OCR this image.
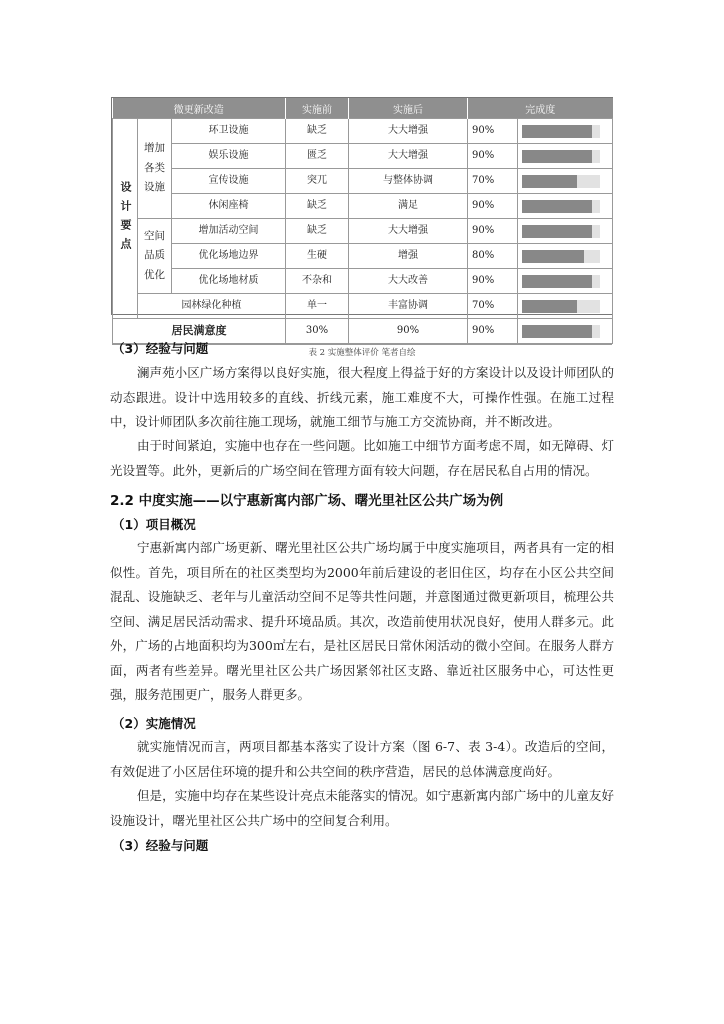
微更新改造			实施前	实施后	完成度	
设计要点	增加各类设施	环卫设施	缺乏	大大增强	90%	

		娱乐设施	匮乏	大大增强	90%	

		宣传设施	突兀	与整体协调	70%	

		休闲座椅	缺乏	满足	90%	

	空间品质优化	增加活动空间	缺乏	大大增强	90%	

		优化场地边界	生硬	增强	80%	

		优化场地材质	不杂和	大大改善	90%	

	园林绿化种植		单一	丰富协调	70%	

居民满意度			30%	90%	90%	
表 2 实施整体评价 笔者自绘
（3）经验与问题

澜声苑小区广场方案得以良好实施，很大程度上得益于好的方案设计以及设计师团队的动态跟进。设计中选用较多的直线、折线元素，施工难度不大，可操作性强。在施工过程中，设计师团队多次前往施工现场，就施工细节与施工方交流协商，并不断改进。

由于时间紧迫，实施中也存在一些问题。比如施工中细节方面考虑不周，如无障碍、灯光设置等。此外，更新后的广场空间在管理方面有较大问题，存在居民私自占用的情况。

2.2 中度实施——以宁惠新寓内部广场、曙光里社区公共广场为例
（1）项目概况

宁惠新寓内部广场更新、曙光里社区公共广场均属于中度实施项目，两者具有一定的相似性。首先，项目所在的社区类型均为2000年前后建设的老旧住区，均存在小区公共空间混乱、设施缺乏、老年与儿童活动空间不足等共性问题，并意图通过微更新项目，梳理公共空间、满足居民活动需求、提升环境品质。其次，改造前使用状况良好，使用人群多元。此外，广场的占地面积均为300㎡左右，是社区居民日常休闲活动的微小空间。在服务人群方面，两者有些差异。曙光里社区公共广场因紧邻社区支路、靠近社区服务中心，可达性更强，服务范围更广，服务人群更多。

（2）实施情况

就实施情况而言，两项目都基本落实了设计方案（图 6-7、表 3-4）。改造后的空间，有效促进了小区居住环境的提升和公共空间的秩序营造，居民的总体满意度尚好。

但是，实施中均存在某些设计亮点未能落实的情况。如宁惠新寓内部广场中的儿童友好设施设计，曙光里社区公共广场中的空间复合利用。

（3）经验与问题
